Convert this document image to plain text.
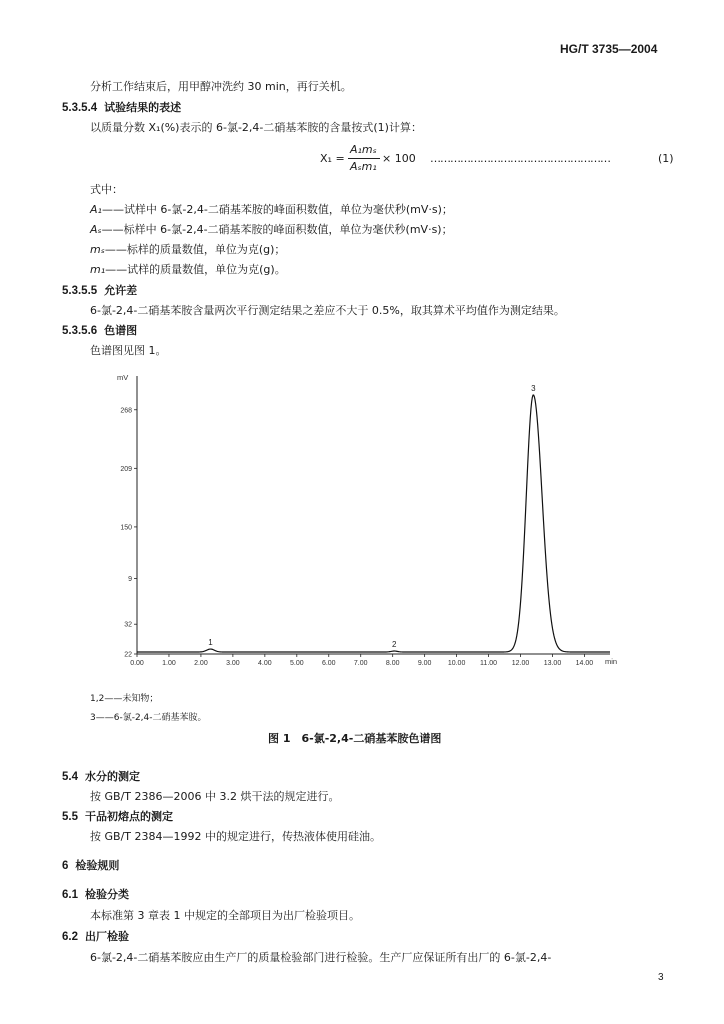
HG/T 3735—2004
分析工作结束后，用甲醇冲洗约 30 min，再行关机。
5.3.5.4 试验结果的表述
以质量分数 X₁(%)表示的 6-氯-2,4-二硝基苯胺的含量按式(1)计算：
X₁ =
A₁mₛ
Aₛm₁
× 100 ………………………………………………	(1)
式中：
A₁——试样中 6-氯-2,4-二硝基苯胺的峰面积数值，单位为毫伏秒(mV·s)；
Aₛ——标样中 6-氯-2,4-二硝基苯胺的峰面积数值，单位为毫伏秒(mV·s)；
mₛ——标样的质量数值，单位为克(g)；
m₁——试样的质量数值，单位为克(g)。
5.3.5.5 允许差
6-氯-2,4-二硝基苯胺含量两次平行测定结果之差应不大于 0.5%，取其算术平均值作为测定结果。
5.3.5.6 色谱图
色谱图见图 1。
mV
min
22
32
9
150
209
268
0.00	1.00	2.00	3.00	4.00	5.00	6.00	7.00	8.00	9.00 10.00 11.00 12.00 13.00 14.00
1	2
3
1,2——未知物；
3——6-氯-2,4-二硝基苯胺。
图 1　6-氯-2,4-二硝基苯胺色谱图
5.4 水分的测定
按 GB/T 2386—2006 中 3.2 烘干法的规定进行。
5.5 干品初熔点的测定
按 GB/T 2384—1992 中的规定进行，传热液体使用硅油。
6 检验规则
6.1 检验分类
本标准第 3 章表 1 中规定的全部项目为出厂检验项目。
6.2 出厂检验
6-氯-2,4-二硝基苯胺应由生产厂的质量检验部门进行检验。生产厂应保证所有出厂的 6-氯-2,4-
3
